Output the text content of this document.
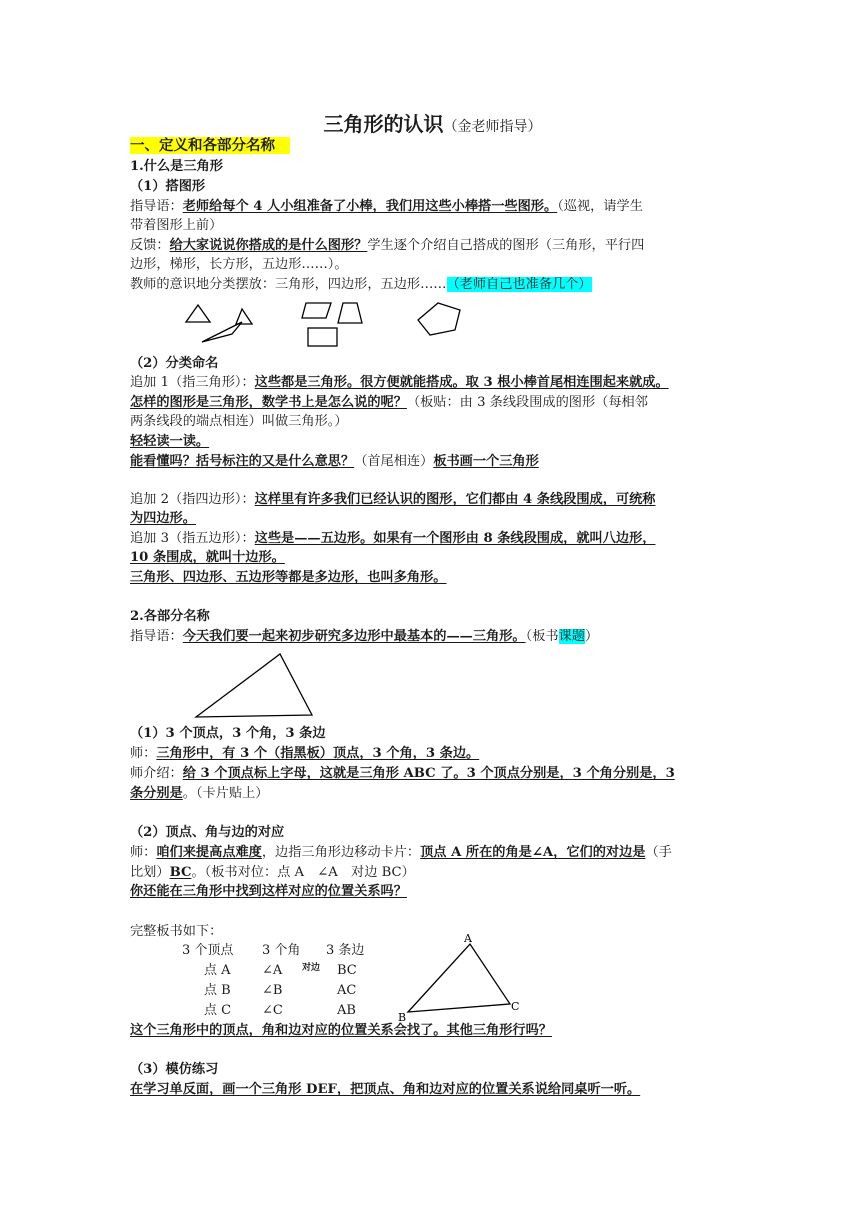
三角形的认识（金老师指导）
一、定义和各部分名称　
1.什么是三角形
（1）搭图形
指导语：老师给每个 4 人小组准备了小棒，我们用这些小棒搭一些图形。（巡视，请学生
带着图形上前）
反馈：给大家说说你搭成的是什么图形？学生逐个介绍自己搭成的图形（三角形，平行四
边形，梯形，长方形，五边形……）。
教师的意识地分类摆放：三角形，四边形，五边形……（老师自己也准备几个）
（2）分类命名
追加 1（指三角形）：这些都是三角形。很方便就能搭成。取 3 根小棒首尾相连围起来就成。
怎样的图形是三角形，数学书上是怎么说的呢？（板贴：由 3 条线段围成的图形（每相邻
两条线段的端点相连）叫做三角形。）
轻轻读一读。
能看懂吗？括号标注的又是什么意思？（首尾相连）板书画一个三角形
追加 2（指四边形）：这样里有许多我们已经认识的图形，它们都由 4 条线段围成，可统称
为四边形。
追加 3（指五边形）：这些是——五边形。如果有一个图形由 8 条线段围成，就叫八边形，
10 条围成，就叫十边形。
三角形、四边形、五边形等都是多边形，也叫多角形。
2.各部分名称
指导语：今天我们要一起来初步研究多边形中最基本的——三角形。（板书课题）
（1）3 个顶点，3 个角，3 条边
师：三角形中，有 3 个（指黑板）顶点，3 个角，3 条边。
师介绍：给 3 个顶点标上字母，这就是三角形 ABC 了。3 个顶点分别是，3 个角分别是，3
条分别是。（卡片贴上）
（2）顶点、角与边的对应
师：咱们来提高点难度，边指三角形边移动卡片：顶点 A 所在的角是∠A，它们的对边是（手
比划）BC。（板书对位：点 A　∠A　对边 BC）
你还能在三角形中找到这样对应的位置关系吗？
完整板书如下：
3 个顶点 3 个角 3 条边
点 A ∠A 对边 BC
点 B ∠B	AC
点 C ∠C	AB
A
B
C
这个三角形中的顶点，角和边对应的位置关系会找了。其他三角形行吗？
（3）模仿练习
在学习单反面，画一个三角形 DEF，把顶点、角和边对应的位置关系说给同桌听一听。
